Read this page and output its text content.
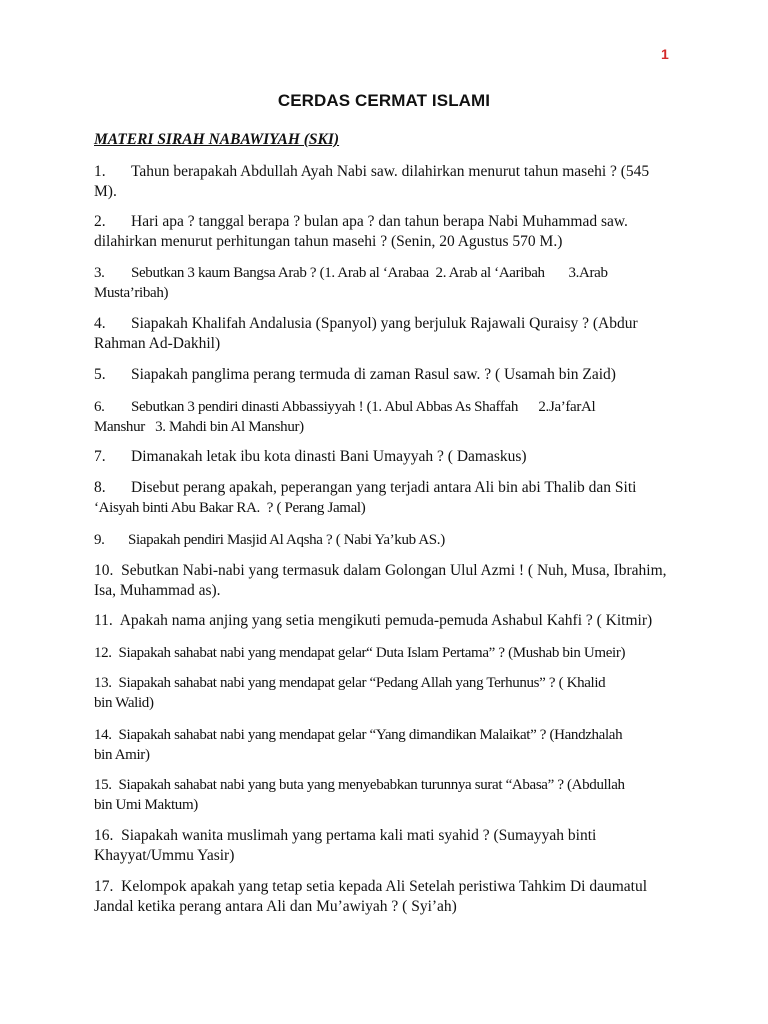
1
CERDAS CERMAT ISLAMI
MATERI SIRAH NABAWIYAH (SKI)
1. Tahun berapakah Abdullah Ayah Nabi saw. dilahirkan menurut tahun masehi ? (545
M).
2. Hari apa ? tanggal berapa ? bulan apa ? dan tahun berapa Nabi Muhammad saw.
dilahirkan menurut perhitungan tahun masehi ? (Senin, 20 Agustus 570 M.)
3. Sebutkan 3 kaum Bangsa Arab ? (1. Arab al ‘Arabaa  2. Arab al ‘Aaribah       3.Arab
Musta’ribah)
4. Siapakah Khalifah Andalusia (Spanyol) yang berjuluk Rajawali Quraisy ? (Abdur
Rahman Ad-Dakhil)
5. Siapakah panglima perang termuda di zaman Rasul saw. ? ( Usamah bin Zaid)
6. Sebutkan 3 pendiri dinasti Abbassiyyah ! (1. Abul Abbas As Shaffah      2.Ja’farAl
Manshur   3. Mahdi bin Al Manshur)
7. Dimanakah letak ibu kota dinasti Bani Umayyah ? ( Damaskus)
8. Disebut perang apakah, peperangan yang terjadi antara Ali bin abi Thalib dan Siti
‘Aisyah binti Abu Bakar RA.  ? ( Perang Jamal)
9. Siapakah pendiri Masjid Al Aqsha ? ( Nabi Ya’kub AS.)
10. Sebutkan Nabi-nabi yang termasuk dalam Golongan Ulul Azmi ! ( Nuh, Musa, Ibrahim,
Isa, Muhammad as).
11. Apakah nama anjing yang setia mengikuti pemuda-pemuda Ashabul Kahfi ? ( Kitmir)
12. Siapakah sahabat nabi yang mendapat gelar“ Duta Islam Pertama” ? (Mushab bin Umeir)
13. Siapakah sahabat nabi yang mendapat gelar “Pedang Allah yang Terhunus” ? ( Khalid
bin Walid)
14. Siapakah sahabat nabi yang mendapat gelar “Yang dimandikan Malaikat” ? (Handzhalah
bin Amir)
15. Siapakah sahabat nabi yang buta yang menyebabkan turunnya surat “Abasa” ? (Abdullah
bin Umi Maktum)
16. Siapakah wanita muslimah yang pertama kali mati syahid ? (Sumayyah binti
Khayyat/Ummu Yasir)
17. Kelompok apakah yang tetap setia kepada Ali Setelah peristiwa Tahkim Di daumatul
Jandal ketika perang antara Ali dan Mu’awiyah ? ( Syi’ah)
